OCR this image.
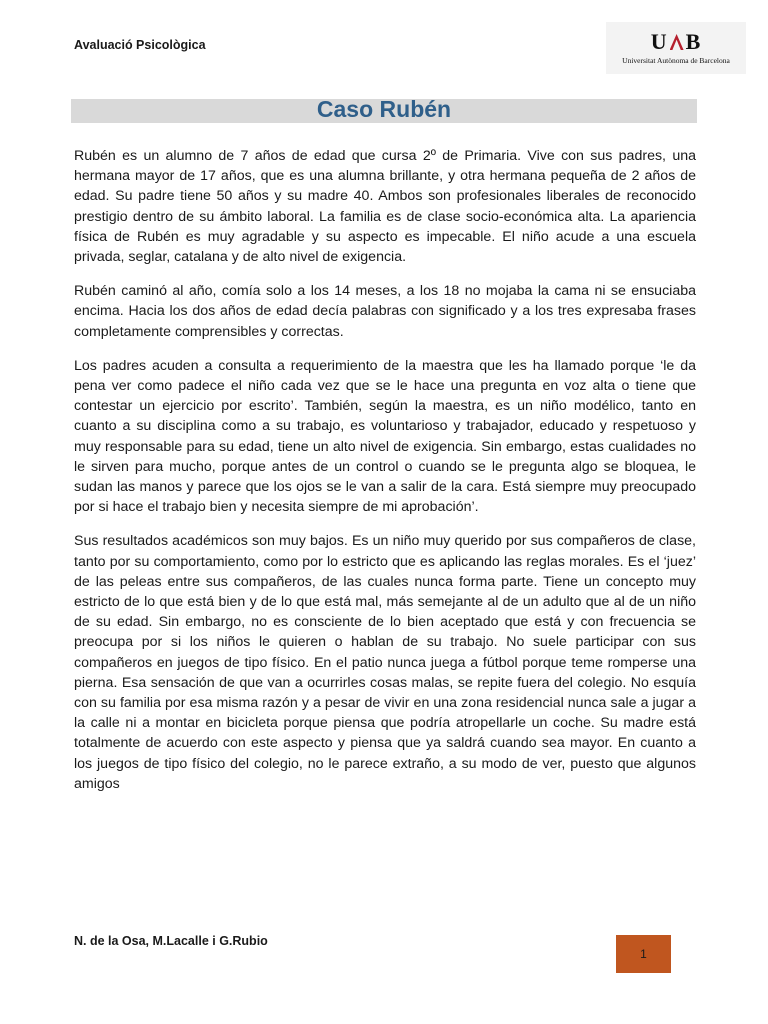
Avaluació Psicològica	U B
Universitat Autònoma de Barcelona
Caso Rubén

Rubén es un alumno de 7 años de edad que cursa 2º de Primaria. Vive con sus padres, una hermana mayor de 17 años, que es una alumna brillante, y otra hermana pequeña de 2 años de edad. Su padre tiene 50 años y su madre 40. Ambos son profesionales liberales de reconocido prestigio dentro de su ámbito laboral. La familia es de clase socio-económica alta. La apariencia física de Rubén es muy agradable y su aspecto es impecable. El niño acude a una escuela privada, seglar, catalana y de alto nivel de exigencia.

Rubén caminó al año, comía solo a los 14 meses, a los 18 no mojaba la cama ni se ensuciaba encima. Hacia los dos años de edad decía palabras con significado y a los tres expresaba frases completamente comprensibles y correctas.

Los padres acuden a consulta a requerimiento de la maestra que les ha llamado porque ‘le da pena ver como padece el niño cada vez que se le hace una pregunta en voz alta o tiene que contestar un ejercicio por escrito’. También, según la maestra, es un niño modélico, tanto en cuanto a su disciplina como a su trabajo, es voluntarioso y trabajador, educado y respetuoso y muy responsable para su edad, tiene un alto nivel de exigencia. Sin embargo, estas cualidades no le sirven para mucho, porque antes de un control o cuando se le pregunta algo se bloquea, le sudan las manos y parece que los ojos se le van a salir de la cara. Está siempre muy preocupado por si hace el trabajo bien y necesita siempre de mi aprobación’.

Sus resultados académicos son muy bajos. Es un niño muy querido por sus compañeros de clase, tanto por su comportamiento, como por lo estricto que es aplicando las reglas morales. Es el ‘juez’ de las peleas entre sus compañeros, de las cuales nunca forma parte. Tiene un concepto muy estricto de lo que está bien y de lo que está mal, más semejante al de un adulto que al de un niño de su edad. Sin embargo, no es consciente de lo bien aceptado que está y con frecuencia se preocupa por si los niños le quieren o hablan de su trabajo. No suele participar con sus compañeros en juegos de tipo físico. En el patio nunca juega a fútbol porque teme romperse una pierna. Esa sensación de que van a ocurrirles cosas malas, se repite fuera del colegio. No esquía con su familia por esa misma razón y a pesar de vivir en una zona residencial nunca sale a jugar a la calle ni a montar en bicicleta porque piensa que podría atropellarle un coche. Su madre está totalmente de acuerdo con este aspecto y piensa que ya saldrá cuando sea mayor. En cuanto a los juegos de tipo físico del colegio, no le parece extraño, a su modo de ver, puesto que algunos amigos

N. de la Osa, M.Lacalle i G.Rubio
1
